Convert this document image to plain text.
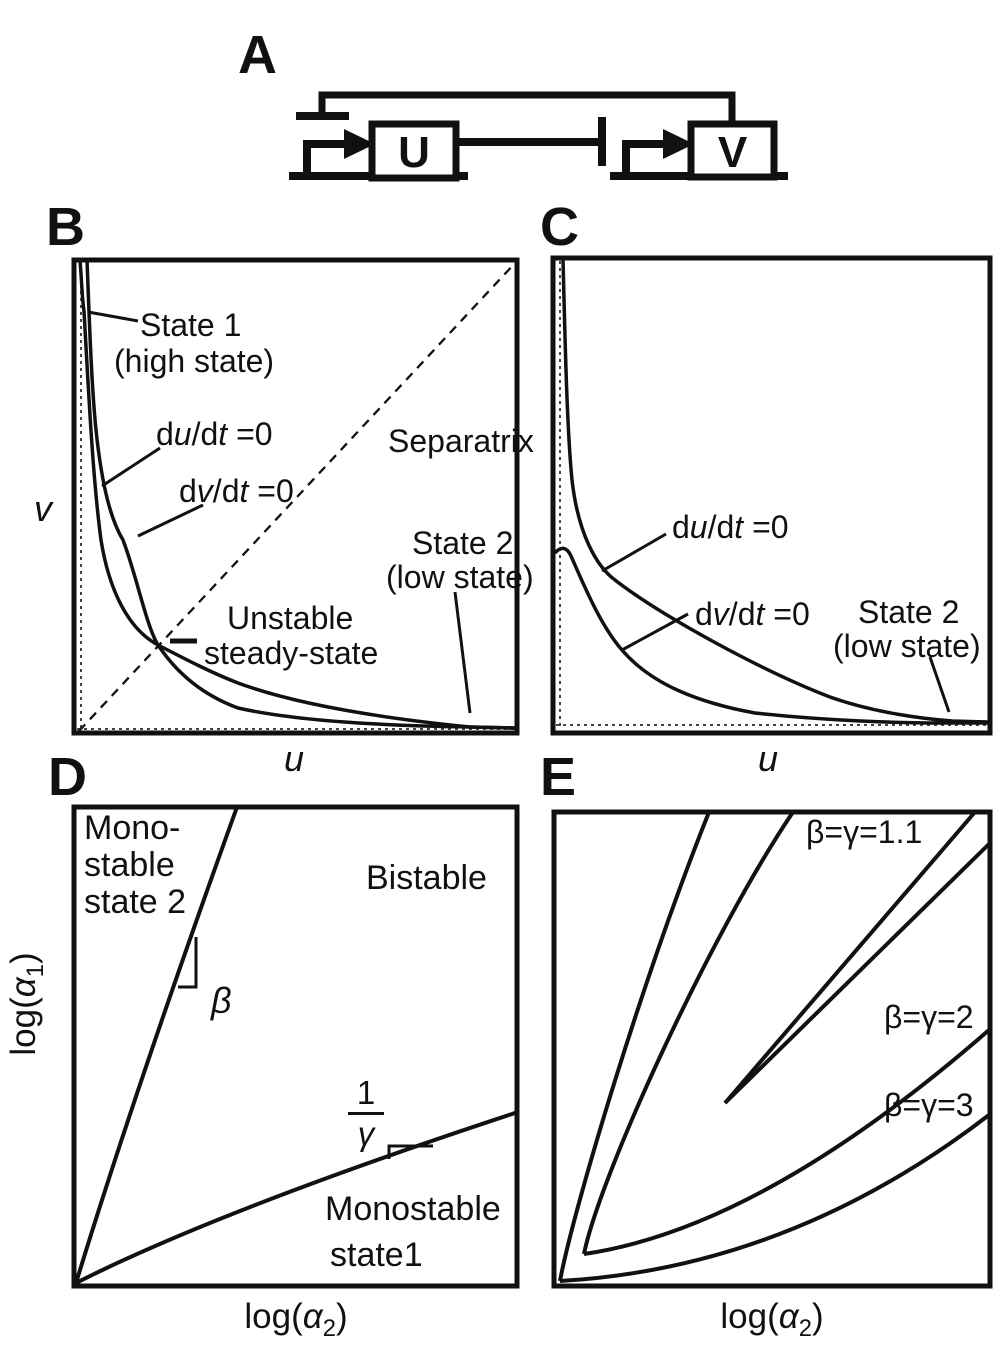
A
B	C
D	E
U	V
v
u
State 1
(high state)
du/dt =0
dv/dt =0
Separatrix
State 2
(low state)
Unstable
steady-state
u
du/dt =0
dv/dt =0 State 2
(low state)
$\log(\alpha_1)$
$\log(\alpha_2)$
Mono-
stable
state 2
Bistable
β
1
γ
Monostable
state1
β=γ=1.1
β=γ=2
β=γ=3
$\log(\alpha_2)$
